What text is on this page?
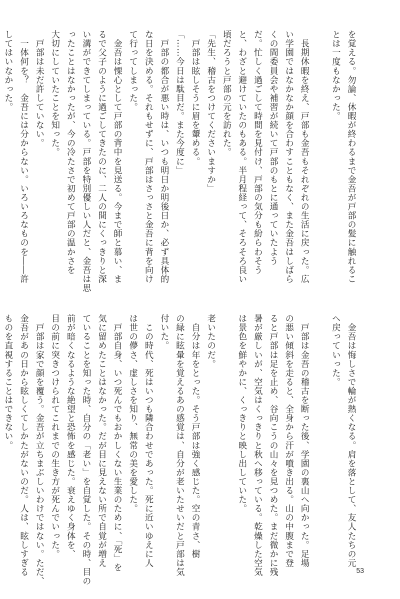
を覚える。勿論、休暇が終わるまで金吾が戸部の髪に触れるこ

とは一度もなかった。

　長期休暇を終え、戸部も金吾もそれぞれの生活に戻った。広

い学園ではなかなか顔を合わすこともなく、また金吾はしばら

くの間委員会や補習が続いて戸部のもとに通っていたよう

だ。忙しく過ごして時間を見付け、戸部の気分も紛らわそう

と、わざと避けていたのもある。半月程経って、そろそろ良い

頃だろうと戸部の元を訪れた。

「先生、稽古をつけてくださいますか」

　戸部は眩しそうに眉を顰める。

「……今日は駄目だ。また今度に」

　戸部の都合が悪い時は、いつも明日か明後日か、必ず具体的

な日を決める。それもせずに、戸部はさっさと金吾に背を向け

て行ってしまった。

　金吾は慄心として戸部の背中を見送る。今まで師と慕い、ま

るで父子のように過ごしてきたのに、二人の間にくっきりと深

い溝ができてしまっている。戸部を特別優しい人だと、金吾は思

ったことはなかったが、今の冷たさで初めて戸部の温かさを

大切にしていたことを知った。

　戸部は未だ許していない。

　一体何を？　金吾には分からない。いろいろなものを――許

してはいなかった。

　金吾は悔しさで輪が熱くなる。肩を落として、友人たちの元

へ戻っていった。

　戸部は金吾の稽古を断った後、学園の裏山へ向かった。足場

の悪い傾斜を走ると、全身から汗が噴き出る。山の中腹まで登

ると戸部は足を止め、谷向こうの山々を見つめた。まだ微かに残

暑が厳しいが、空気はくっきりと秋へ移っている。乾燥した空気

は景色を鮮やかに、くっきりと映し出していた。

老いたのだ。

　自分は年をとった。そう戸部は強く感じた。空の青さ、樹

の緑に眩暈を覚えるあの感覚は、自分が老いたせいだと戸部は気

付いた。

　この時代、死はいつも隣合わせであった。死に近いゆえに人

は世の儚さ、虚しさを知り、無常の美を愛した。

　戸部自身、いつ死んでもおかしくない生業のために、「死」を

気に留めたことはなかった。だが目に見えない所で自覚が増え

ていることを知った時、自分の「老い」を自覚した。その時、目の

前が暗くなるような絶望と恐怖を感じた。衰えゆく身体を、

目の前に突きつけられてこれまでの生き方が死んでいった。

　戸部は家で顔を覆う。金吾が立ちまぶしいわけではない。ただ、

金吾があの日から眩しくてしかたがないのだ。人は、眩しすぎる

ものを直視することはできない。

53
